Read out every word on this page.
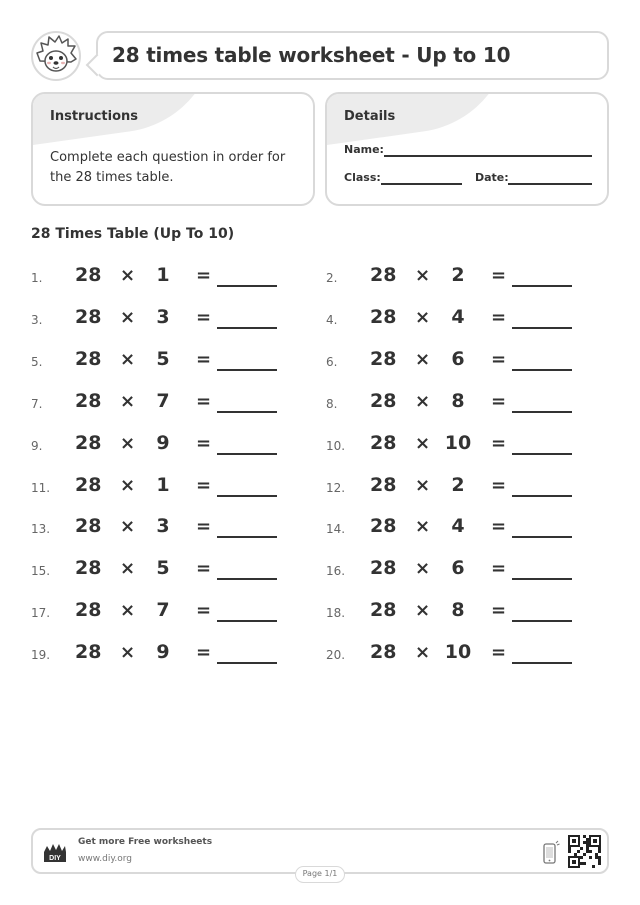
28 times table worksheet - Up to 10
Instructions
Complete each question in order for the 28 times table.
Details
Name:
Class:	Date:
28 Times Table (Up To 10)
1. 28 ×	1	=	2. 28 ×	2	=
3. 28 ×	3	=	4. 28 ×	4	=
5. 28 ×	5	=	6. 28 ×	6	=
7. 28 ×	7	=	8. 28 ×	8	=
9. 28 ×	9	=	10. 28 × 10	=
11. 28 ×	1	=	12. 28 ×	2	=
13. 28 ×	3	=	14. 28 ×	4	=
15. 28 ×	5	=	16. 28 ×	6	=
17. 28 ×	7	=	18. 28 ×	8	=
19. 28 ×	9	=	20. 28 × 10	=
DIY
Get more Free worksheets
www.diy.org
Page 1/1
